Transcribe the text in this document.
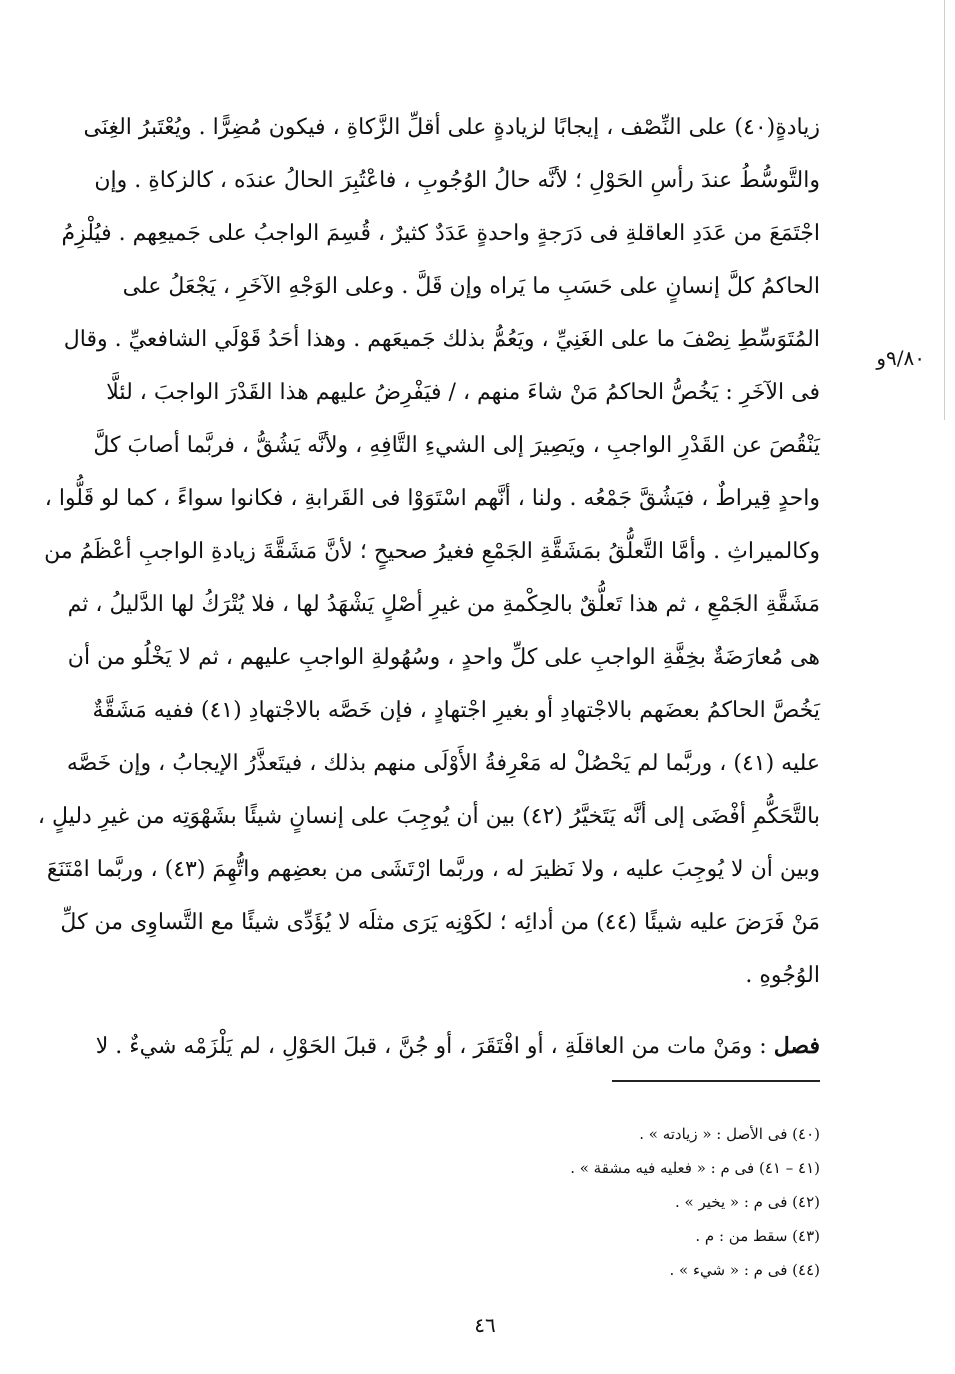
٩/٨٠و
زيادةٍ(٤٠) على النِّصْف ، إيجابًا لزيادةٍ على أقلِّ الزَّكاةِ ، فيكون مُضِرًّا . ويُعْتَبرُ الغِنَى
والتَّوسُّطُ عندَ رأسِ الحَوْلِ ؛ لأنَّه حالُ الوُجُوبِ ، فاعْتُبِرَ الحالُ عندَه ، كالزكاةِ . وإن
اجْتَمَعَ من عَدَدِ العاقلةِ فى دَرَجةٍ واحدةٍ عَدَدٌ كثيرٌ ، قُسِمَ الواجبُ على جَميعِهم . فيُلْزِمُ
الحاكمُ كلَّ إنسانٍ على حَسَبِ ما يَراه وإن قَلَّ . وعلى الوَجْهِ الآخَرِ ، يَجْعَلُ على
المُتَوَسِّطِ نِصْفَ ما على الغَنِيِّ ، ويَعُمُّ بذلك جَميعَهم . وهذا أحَدُ قَوْلَي الشافعيِّ . وقال
فى الآخَرِ : يَخُصُّ الحاكمُ مَنْ شاءَ منهم ، / فيَفْرِضُ عليهم هذا القَدْرَ الواجبَ ، لئلَّا
يَنْقُصَ عن القَدْرِ الواجبِ ، ويَصِيرَ إلى الشيءِ التَّافِهِ ، ولأنَّه يَشُقُّ ، فربَّما أصابَ كلَّ
واحدٍ قِيراطٌ ، فيَشُقَّ جَمْعُه . ولنا ، أنَّهم اسْتَوَوْا فى القَرابةِ ، فكانوا سواءً ، كما لو قَلُّوا ،
وكالميراثِ . وأمَّا التَّعلُّقُ بمَشَقَّةِ الجَمْعِ فغيرُ صحيحٍ ؛ لأنَّ مَشَقَّةَ زيادةِ الواجبِ أعْظَمُ من
مَشَقَّةِ الجَمْعِ ، ثم هذا تَعلُّقٌ بالحِكْمةِ من غيرِ أصْلٍ يَشْهَدُ لها ، فلا يُتْرَكُ لها الدَّليلُ ، ثم
هى مُعارَضَةٌ بخِفَّةِ الواجبِ على كلِّ واحدٍ ، وسُهُولةِ الواجبِ عليهم ، ثم لا يَخْلُو من أن
يَخُصَّ الحاكمُ بعضَهم بالاجْتهادِ أو بغيرِ اجْتهادٍ ، فإن خَصَّه بالاجْتهادِ (٤١) ففيه مَشَقَّةٌ
عليه (٤١) ، وربَّما لم يَحْصُلْ له مَعْرِفةُ الأَوْلَى منهم بذلك ، فيتَعذَّرُ الإيجابُ ، وإن خَصَّه
بالتَّحَكُّمِ أفْضَى إلى أنَّه يَتَخيَّرُ (٤٢) بين أن يُوجِبَ على إنسانٍ شيئًا بشَهْوَتِه من غيرِ دليلٍ ،
وبين أن لا يُوجِبَ عليه ، ولا نَظيرَ له ، وربَّما ارْتَشَى من بعضِهم واتُّهِمَ (٤٣) ، وربَّما امْتَنَعَ
مَنْ فَرَضَ عليه شيئًا (٤٤) من أدائِه ؛ لكَوْنِه يَرَى مثلَه لا يُؤَدِّى شيئًا مع التَّساوِى من كلِّ
الوُجُوهِ .
فصل : ومَنْ مات من العاقلَةِ ، أو افْتَقَرَ ، أو جُنَّ ، قبلَ الحَوْلِ ، لم يَلْزَمْه شيءٌ . لا
(٤٠) فى الأصل : « زيادته » .
(٤١ – ٤١) فى م : « فعليه فيه مشقة » .
(٤٢) فى م : « يخير » .
(٤٣) سقط من : م .
(٤٤) فى م : « شيء » .
٤٦
